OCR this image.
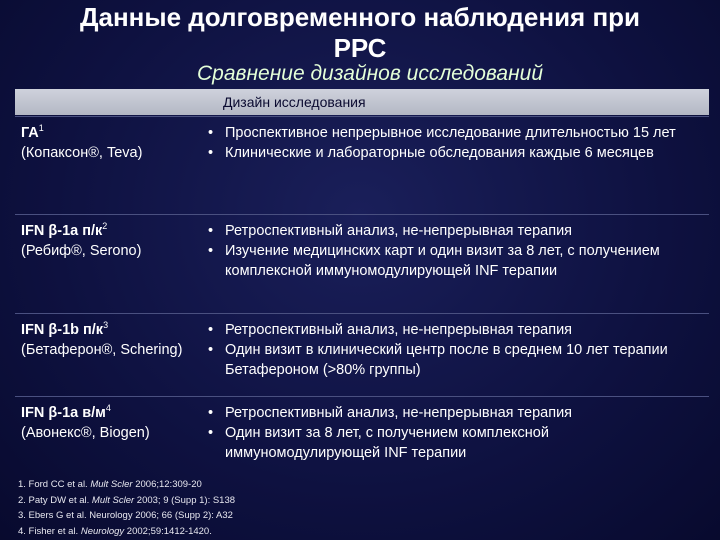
Данные долговременного наблюдения при
РРС
Сравнение дизайнов исследований
Дизайн исследования
$ГА^1$
(Копаксон®, Teva)
• Проспективное непрерывное исследование длительностью 15 лет
• Клинические и лабораторные обследования каждые 6 месяцев
IFN β-1a $п/к^2$
(Ребиф®, Serono)
• Ретроспективный анализ, не-непрерывная терапия
• Изучение медицинских карт и один визит за 8 лет, с получением комплексной иммуномодулирующей INF терапии
IFN β-1b $п/к^3$
(Бетаферон®, Schering)
• Ретроспективный анализ, не-непрерывная терапия
• Один визит в клинический центр после в среднем 10 лет терапии Бетафероном (>80% группы)
IFN β-1a $в/м^4$
(Авонекс®, Biogen)
• Ретроспективный анализ, не-непрерывная терапия
• Один визит за 8 лет, с получением комплексной иммуномодулирующей INF терапии
1. Ford CC et al. Mult Scler 2006;12:309-20
2. Paty DW et al. Mult Scler 2003; 9 (Supp 1): S138
3. Ebers G et al. Neurology 2006; 66 (Supp 2): A32
4. Fisher et al. Neurology 2002;59:1412-1420.
